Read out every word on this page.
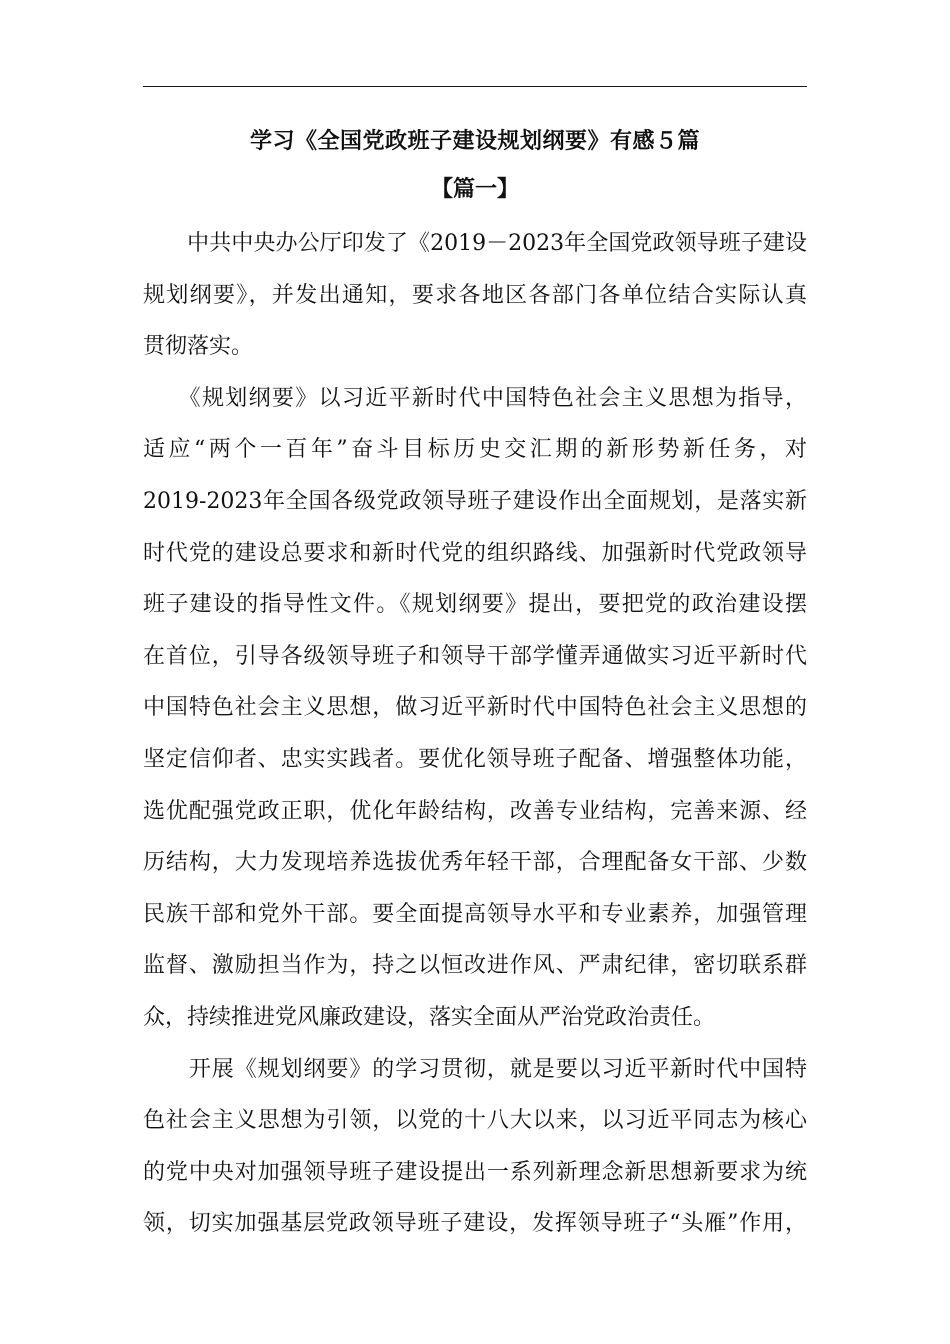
学习《全国党政班子建设规划纲要》有感５篇
【篇一】
　　中共中央办公厅印发了《2019－2023年全国党政领导班子建设
规划纲要》，并发出通知，要求各地区各部门各单位结合实际认真
贯彻落实。
　　《规划纲要》以习近平新时代中国特色社会主义思想为指导，
适应“两个一百年”奋斗目标历史交汇期的新形势新任务，对
2019-2023年全国各级党政领导班子建设作出全面规划，是落实新
时代党的建设总要求和新时代党的组织路线、加强新时代党政领导
班子建设的指导性文件。《规划纲要》提出，要把党的政治建设摆
在首位，引导各级领导班子和领导干部学懂弄通做实习近平新时代
中国特色社会主义思想，做习近平新时代中国特色社会主义思想的
坚定信仰者、忠实实践者。要优化领导班子配备、增强整体功能，
选优配强党政正职，优化年龄结构，改善专业结构，完善来源、经
历结构，大力发现培养选拔优秀年轻干部，合理配备女干部、少数
民族干部和党外干部。要全面提高领导水平和专业素养，加强管理
监督、激励担当作为，持之以恒改进作风、严肃纪律，密切联系群
众，持续推进党风廉政建设，落实全面从严治党政治责任。
　　开展《规划纲要》的学习贯彻，就是要以习近平新时代中国特
色社会主义思想为引领，以党的十八大以来，以习近平同志为核心
的党中央对加强领导班子建设提出一系列新理念新思想新要求为统
领，切实加强基层党政领导班子建设，发挥领导班子“头雁”作用，
